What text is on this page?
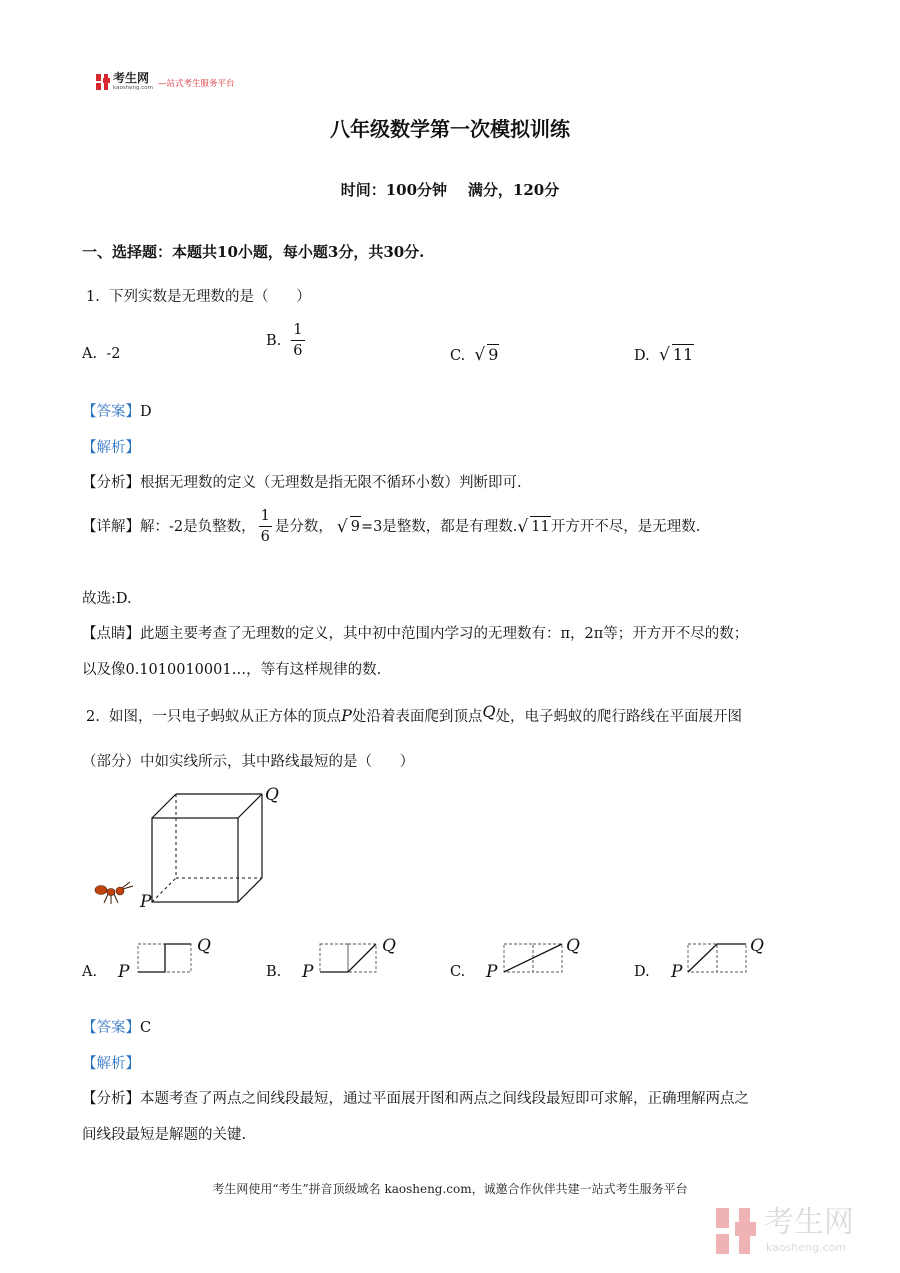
考生网
kaosheng.com —站式考生服务平台
八年级数学第一次模拟训练
时间：100分钟    满分，120分
一、选择题：本题共10小题，每小题3分，共30分.
1.  下列实数是无理数的是（      ）
A. -2
B. $\frac{1}{6}$	C. √ 9	D. √ 11
【答案】D
【解析】
【分析】根据无理数的定义（无理数是指无限不循环小数）判断即可.
【详解】解：-2是负整数， $\frac{1}{6}$ 是分数， √ 9=3是整数，都是有理数.√ 11开方开不尽，是无理数.
故选:D.
【点睛】此题主要考查了无理数的定义，其中初中范围内学习的无理数有：π，2π等；开方开不尽的数；
以及像0.1010010001…，等有这样规律的数.
2.  如图，一只电子蚂蚁从正方体的顶点P处沿着表面爬到顶点Q处，电子蚂蚁的爬行路线在平面展开图
（部分）中如实线所示，其中路线最短的是（      ）
Q
P
A. P
Q
B. P
Q
C. P
Q
D. P
Q
【答案】C
【解析】
【分析】本题考查了两点之间线段最短，通过平面展开图和两点之间线段最短即可求解，正确理解两点之
间线段最短是解题的关键.
考生网使用“考生”拼音顶级域名 kaosheng.com，诚邀合作伙伴共建一站式考生服务平台
考生网
kaosheng.com
